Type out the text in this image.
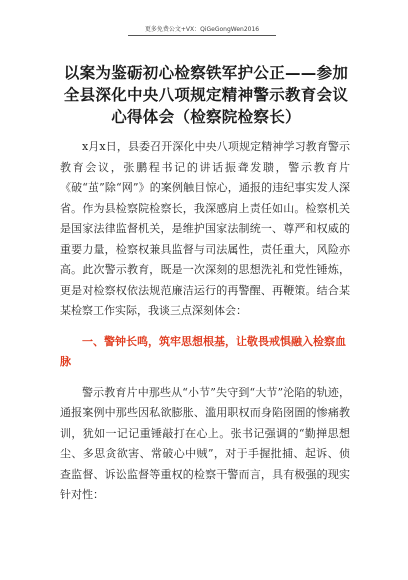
更多免费公文+VX：QiGeGongWen2016
以案为鉴砺初心检察铁军护公正——参加全县深化中央八项规定精神警示教育会议心得体会（检察院检察长）

x月x日，县委召开深化中央八项规定精神学习教育警示教育会议，张鹏程书记的讲话振聋发聩，警示教育片《破“茧”除“网”》的案例触目惊心，通报的违纪事实发人深省。作为县检察院检察长，我深感肩上责任如山。检察机关是国家法律监督机关，是维护国家法制统一、尊严和权威的重要力量，检察权兼具监督与司法属性，责任重大，风险亦高。此次警示教育，既是一次深刻的思想洗礼和党性锤炼，更是对检察权依法规范廉洁运行的再警醒、再鞭策。结合某某检察工作实际，我谈三点深刻体会：

一、警钟长鸣，筑牢思想根基，让敬畏戒惧融入检察血脉

警示教育片中那些从“小节”失守到“大节”沦陷的轨迹，通报案例中那些因私欲膨胀、滥用职权而身陷囹圄的惨痛教训，犹如一记记重锤敲打在心上。张书记强调的“勤掸思想尘、多思贪欲害、常破心中贼”，对于手握批捕、起诉、侦查监督、诉讼监督等重权的检察干警而言，具有极强的现实针对性：
